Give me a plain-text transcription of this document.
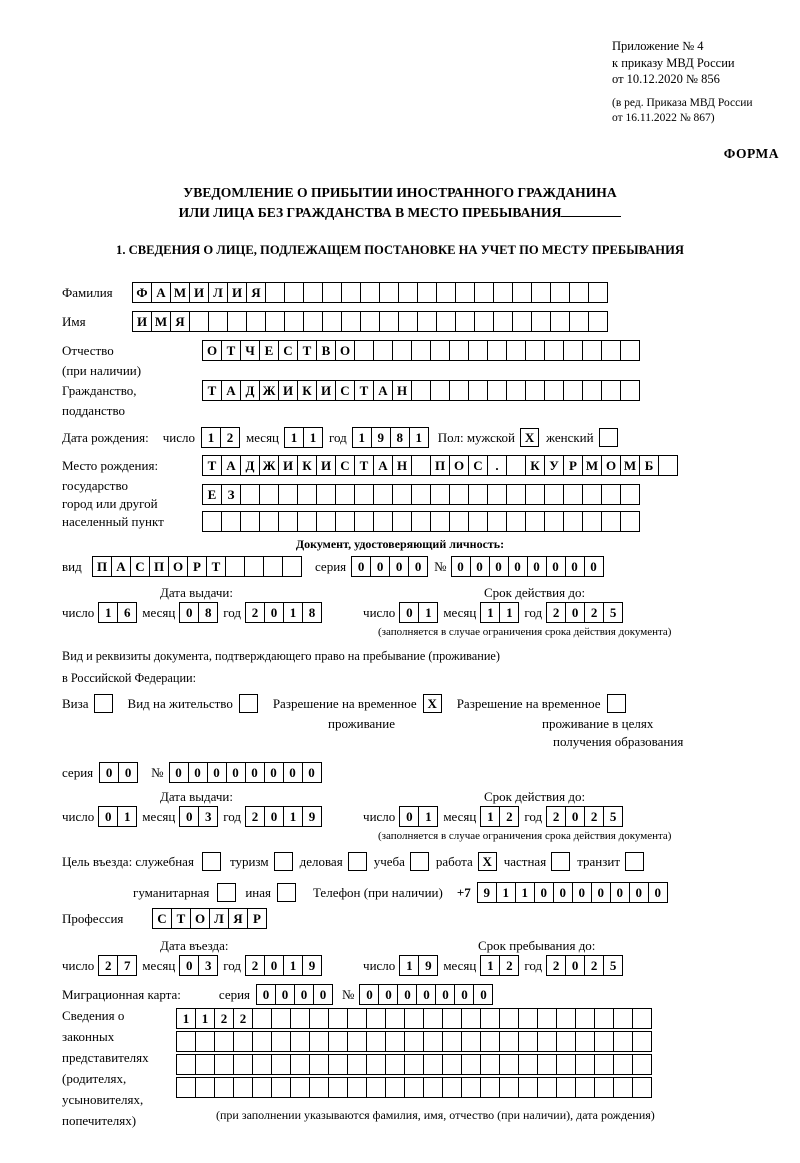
Приложение № 4
к приказу МВД России
от 10.12.2020 № 856
(в ред. Приказа МВД России
от 16.11.2022 № 867)
ФОРМА
УВЕДОМЛЕНИЕ О ПРИБЫТИИ ИНОСТРАННОГО ГРАЖДАНИНА
ИЛИ ЛИЦА БЕЗ ГРАЖДАНСТВА В МЕСТО ПРЕБЫВАНИЯ
1. СВЕДЕНИЯ О ЛИЦЕ, ПОДЛЕЖАЩЕМ ПОСТАНОВКЕ НА УЧЕТ ПО МЕСТУ ПРЕБЫВАНИЯ
Фамилия	Ф А М И Л И Я
Имя	И М Я
Отчество	О Т Ч Е С Т В О
(при наличии)
Гражданство,	Т А Д Ж И К И С Т А Н
подданство
Дата рождения: число 1 2 месяц 1 1 год 1 9 8 1	Пол: мужской Х женский
Место рождения:	Т А Д Ж И К И С Т А Н	П О С .	К У Р М О М Б
государство
Е З
город или другой
населенный пункт
Документ, удостоверяющий личность:
вид	П А С П О Р Т	серия 0 0 0 0 № 0 0 0 0 0 0 0 0
Дата выдачи:	Срок действия до:
число 1 6 месяц 0 8 год 2 0 1 8	число 0 1 месяц 1 1 год 2 0 2 5
(заполняется в случае ограничения срока действия документа)
Вид и реквизиты документа, подтверждающего право на пребывание (проживание)
в Российской Федерации:
Виза	Вид на жительство	Разрешение на временное Х	Разрешение на временное
проживание	проживание в целях
получения образования
серия 0 0	№ 0 0 0 0 0 0 0 0
Дата выдачи:	Срок действия до:
число 0 1 месяц 0 3 год 2 0 1 9	число 0 1 месяц 1 2 год 2 0 2 5
(заполняется в случае ограничения срока действия документа)
Цель въезда: служебная	туризм деловая учеба работа Х частная транзит
гуманитарная	иная	Телефон (при наличии) +7 9 1 1 0 0 0 0 0 0 0
Профессия	С Т О Л Я Р
Дата въезда:	Срок пребывания до:
число 2 7 месяц 0 3 год 2 0 1 9	число 1 9 месяц 1 2 год 2 0 2 5
Миграционная карта:	серия 0 0 0 0	№ 0 0 0 0 0 0 0
Сведения о
законных
представителях
(родителях,
усыновителях,
попечителях)
1 1 2 2
(при заполнении указываются фамилия, имя, отчество (при наличии), дата рождения)
